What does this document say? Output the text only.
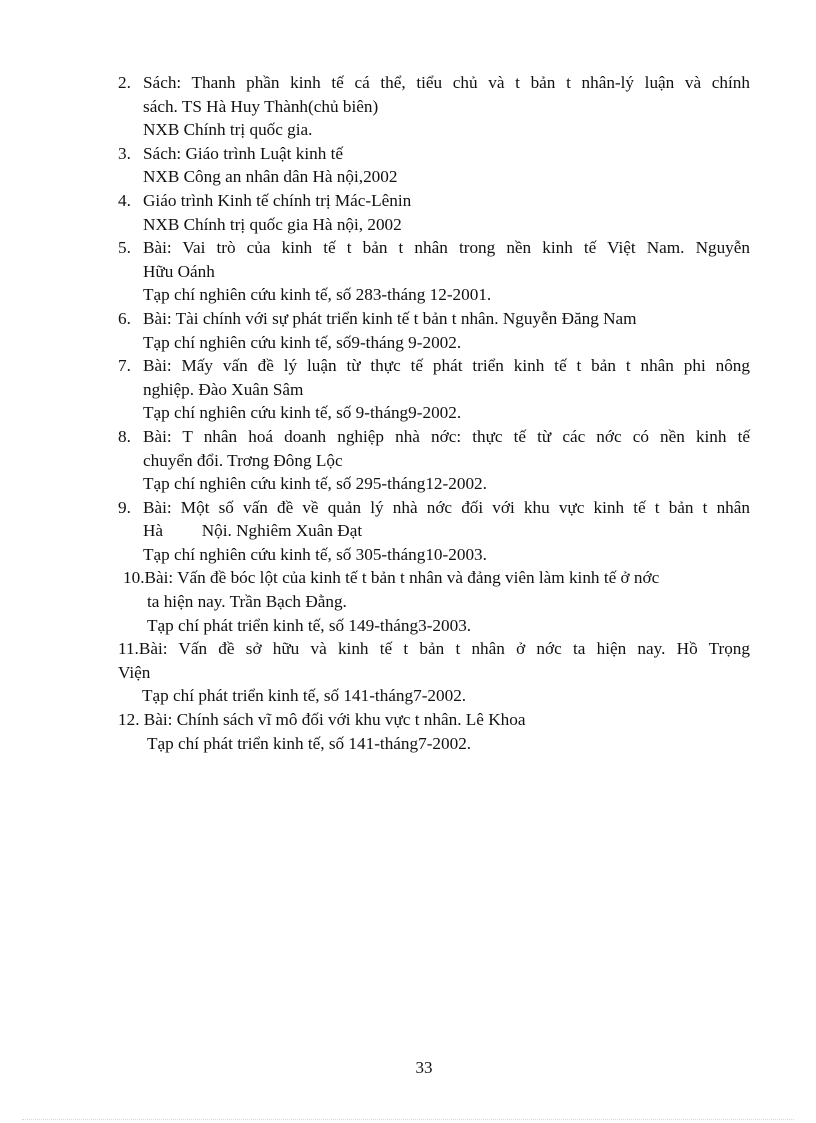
2. Sách: Thanh phần kinh tế cá thể, tiểu chủ và t bản t nhân-lý luận và chính
sách. TS Hà Huy Thành(chủ biên)
NXB Chính trị quốc gia.
3. Sách: Giáo trình Luật kinh tế
NXB Công an nhân dân Hà nội,2002
4. Giáo trình Kinh tế chính trị Mác-Lênin
NXB Chính trị quốc gia Hà nội, 2002
5. Bài: Vai trò của kinh tế t bản t nhân trong nền kinh tế Việt Nam. Nguyễn
Hữu Oánh
Tạp chí nghiên cứu kinh tế, số 283-tháng 12-2001.
6. Bài: Tài chính với sự phát triển kinh tế t bản t nhân. Nguyễn Đăng Nam
Tạp chí nghiên cứu kinh tế, số9-tháng 9-2002.
7. Bài: Mấy vấn đề lý luận từ thực tế phát triển kinh tế t bản t nhân phi nông
nghiệp. Đào Xuân Sâm
Tạp chí nghiên cứu kinh tế, số 9-tháng9-2002.
8. Bài: T nhân hoá doanh nghiệp nhà nớc: thực tế từ các nớc có nền kinh tế
chuyển đổi. Trơng Đông Lộc
Tạp chí nghiên cứu kinh tế, số 295-tháng12-2002.
9. Bài: Một số vấn đề về quản lý nhà nớc đối với khu vực kinh tế t bản t nhân
Hà         Nội. Nghiêm Xuân Đạt
Tạp chí nghiên cứu kinh tế, số 305-tháng10-2003.
10.Bài: Vấn đề bóc lột của kinh tế t bản t nhân và đảng viên làm kinh tế ở nớc
ta hiện nay. Trần Bạch Đằng.
Tạp chí phát triển kinh tế, số 149-tháng3-2003.
11.Bài: Vấn đề sở hữu và kinh tế t bản t nhân ở nớc ta hiện nay. Hồ Trọng
Viện
Tạp chí phát triển kinh tế, số 141-tháng7-2002.
12. Bài: Chính sách vĩ mô đối với khu vực t nhân. Lê Khoa
Tạp chí phát triển kinh tế, số 141-tháng7-2002.
33
